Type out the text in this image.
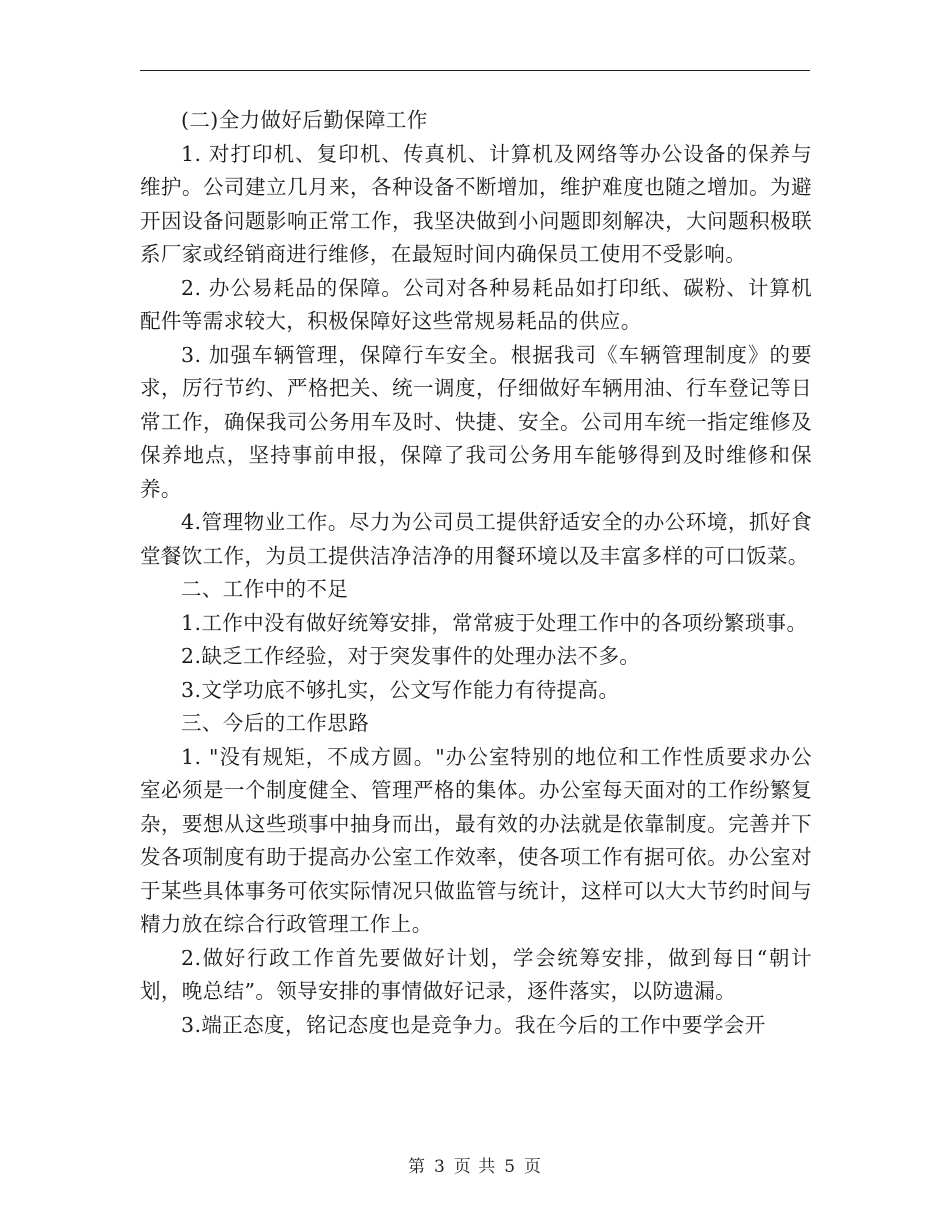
(二)全力做好后勤保障工作

1. 对打印机、复印机、传真机、计算机及网络等办公设备的保养与维护。公司建立几月来，各种设备不断增加，维护难度也随之增加。为避开因设备问题影响正常工作，我坚决做到小问题即刻解决，大问题积极联系厂家或经销商进行维修，在最短时间内确保员工使用不受影响。

2. 办公易耗品的保障。公司对各种易耗品如打印纸、碳粉、计算机配件等需求较大，积极保障好这些常规易耗品的供应。

3. 加强车辆管理，保障行车安全。根据我司《车辆管理制度》的要求，厉行节约、严格把关、统一调度，仔细做好车辆用油、行车登记等日常工作，确保我司公务用车及时、快捷、安全。公司用车统一指定维修及保养地点，坚持事前申报，保障了我司公务用车能够得到及时维修和保养。

4.管理物业工作。尽力为公司员工提供舒适安全的办公环境，抓好食堂餐饮工作，为员工提供洁净洁净的用餐环境以及丰富多样的可口饭菜。

二、工作中的不足

1.工作中没有做好统筹安排，常常疲于处理工作中的各项纷繁琐事。

2.缺乏工作经验，对于突发事件的处理办法不多。

3.文学功底不够扎实，公文写作能力有待提高。

三、今后的工作思路

1. "没有规矩，不成方圆。"办公室特别的地位和工作性质要求办公室必须是一个制度健全、管理严格的集体。办公室每天面对的工作纷繁复杂，要想从这些琐事中抽身而出，最有效的办法就是依靠制度。完善并下发各项制度有助于提高办公室工作效率，使各项工作有据可依。办公室对于某些具体事务可依实际情况只做监管与统计，这样可以大大节约时间与精力放在综合行政管理工作上。

2.做好行政工作首先要做好计划，学会统筹安排，做到每日“朝计划，晚总结”。领导安排的事情做好记录，逐件落实，以防遗漏。

3.端正态度，铭记态度也是竞争力。我在今后的工作中要学会开

第 3 页 共 5 页
